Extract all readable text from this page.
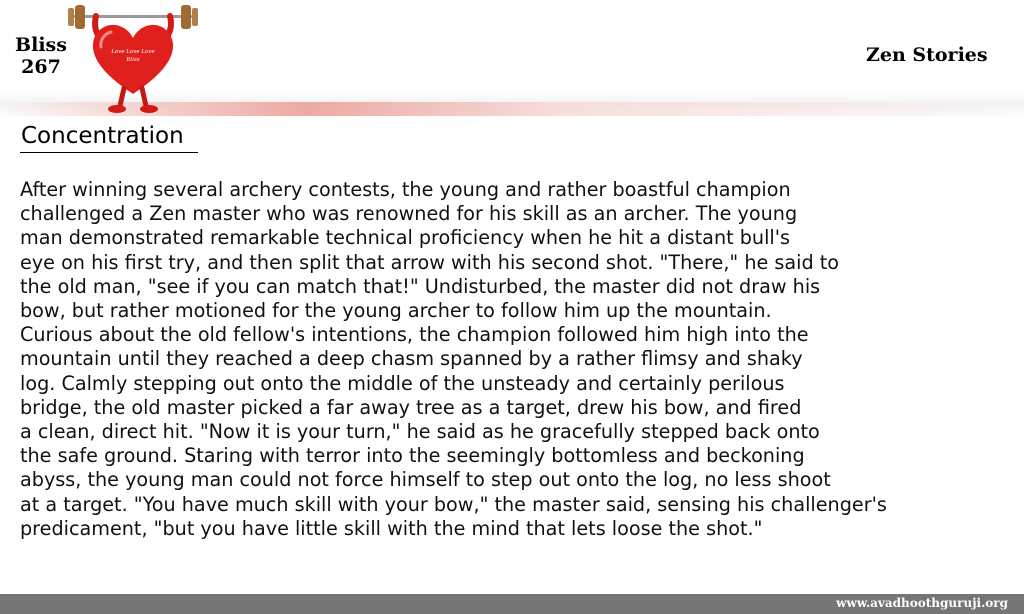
Bliss
267
Love Love Love
Bliss	Zen Stories
Concentration
After winning several archery contests, the young and rather boastful champion
challenged a Zen master who was renowned for his skill as an archer. The young
man demonstrated remarkable technical proficiency when he hit a distant bull's
eye on his first try, and then split that arrow with his second shot. "There," he said to
the old man, "see if you can match that!" Undisturbed, the master did not draw his
bow, but rather motioned for the young archer to follow him up the mountain.
Curious about the old fellow's intentions, the champion followed him high into the
mountain until they reached a deep chasm spanned by a rather flimsy and shaky
log. Calmly stepping out onto the middle of the unsteady and certainly perilous
bridge, the old master picked a far away tree as a target, drew his bow, and fired
a clean, direct hit. "Now it is your turn," he said as he gracefully stepped back onto
the safe ground. Staring with terror into the seemingly bottomless and beckoning
abyss, the young man could not force himself to step out onto the log, no less shoot
at a target. "You have much skill with your bow," the master said, sensing his challenger's
predicament, "but you have little skill with the mind that lets loose the shot."
www.avadhoothguruji.org
